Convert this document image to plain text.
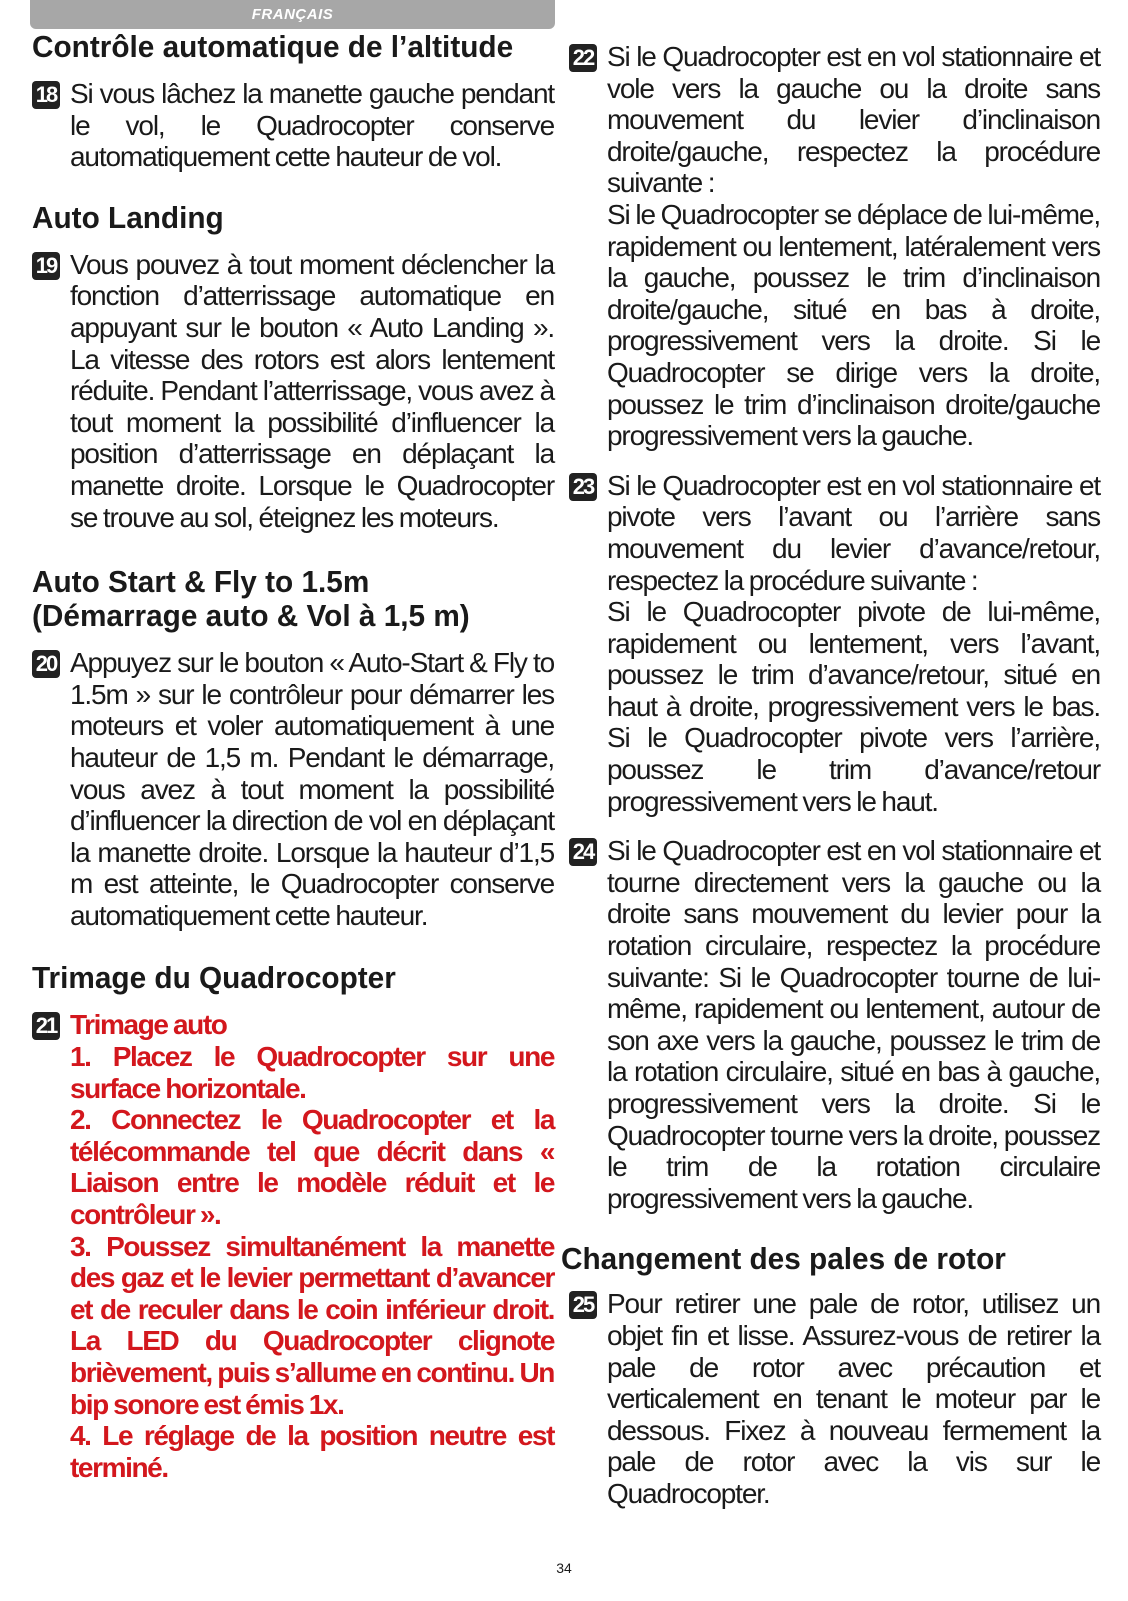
FRANÇAIS
Contrôle automatique de l’altitude
18 Si vous lâchez la manette gauche pendant le vol, le Quadrocopter conserve automatiquement cette hauteur de vol.

Auto Landing
19 Vous pouvez à tout moment déclencher la fonction d’atterrissage automatique en appuyant sur le bouton « Auto Landing ». La vitesse des rotors est alors lentement réduite. Pendant l’atterrissage, vous avez à tout moment la possibilité d’influencer la position d’atterrissage en déplaçant la manette droite. Lorsque le Quadrocopter se trouve au sol, éteignez les moteurs.

Auto Start & Fly to 1.5m
(Démarrage auto & Vol à 1,5 m)
20 Appuyez sur le bouton « Auto-Start & Fly to 1.5m » sur le contrôleur pour démarrer les moteurs et voler automatiquement à une hauteur de 1,5 m. Pendant le démarrage, vous avez à tout moment la possibilité d’influencer la direction de vol en déplaçant la manette droite. Lorsque la hauteur d’1,5 m est atteinte, le Quadrocopter conserve automatiquement cette hauteur.

Trimage du Quadrocopter
21 Trimage auto

1. Placez le Quadrocopter sur une surface horizontale.

2. Connectez le Quadrocopter et la télécommande tel que décrit dans « Liaison entre le modèle réduit et le contrôleur ».

3. Poussez simultanément la manette des gaz et le levier permettant d’avancer et de reculer dans le coin inférieur droit. La LED du Quadrocopter clignote brièvement, puis s’allume en continu. Un bip sonore est émis 1x.

4. Le réglage de la position neutre est terminé.

22 Si le Quadrocopter est en vol stationnaire et vole vers la gauche ou la droite sans mouvement du levier d’inclinaison droite/gauche, respectez la procédure suivante :

Si le Quadrocopter se déplace de lui-même, rapidement ou lentement, latéralement vers la gauche, poussez le trim d’inclinaison droite/gauche, situé en bas à droite, progressivement vers la droite. Si le Quadrocopter se dirige vers la droite, poussez le trim d’inclinaison droite/gauche progressivement vers la gauche.

23 Si le Quadrocopter est en vol stationnaire et pivote vers l’avant ou l’arrière sans mouvement du levier d’avance/retour, respectez la procédure suivante :

Si le Quadrocopter pivote de lui-même, rapidement ou lentement, vers l’avant, poussez le trim d’avance/retour, situé en haut à droite, progressivement vers le bas. Si le Quadrocopter pivote vers l’arrière, poussez le trim d’avance/retour progressivement vers le haut.

24 Si le Quadrocopter est en vol stationnaire et tourne directement vers la gauche ou la droite sans mouvement du levier pour la rotation circulaire, respectez la procédure suivante: Si le Quadrocopter tourne de lui-même, rapidement ou lentement, autour de son axe vers la gauche, poussez le trim de la rotation circulaire, situé en bas à gauche, progressivement vers la droite. Si le Quadrocopter tourne vers la droite, poussez le trim de la rotation circulaire progressivement vers la gauche.

Changement des pales de rotor
25 Pour retirer une pale de rotor, utilisez un objet fin et lisse. Assurez-vous de retirer la pale de rotor avec précaution et verticalement en tenant le moteur par le dessous. Fixez à nouveau fermement la pale de rotor avec la vis sur le Quadrocopter.

34
